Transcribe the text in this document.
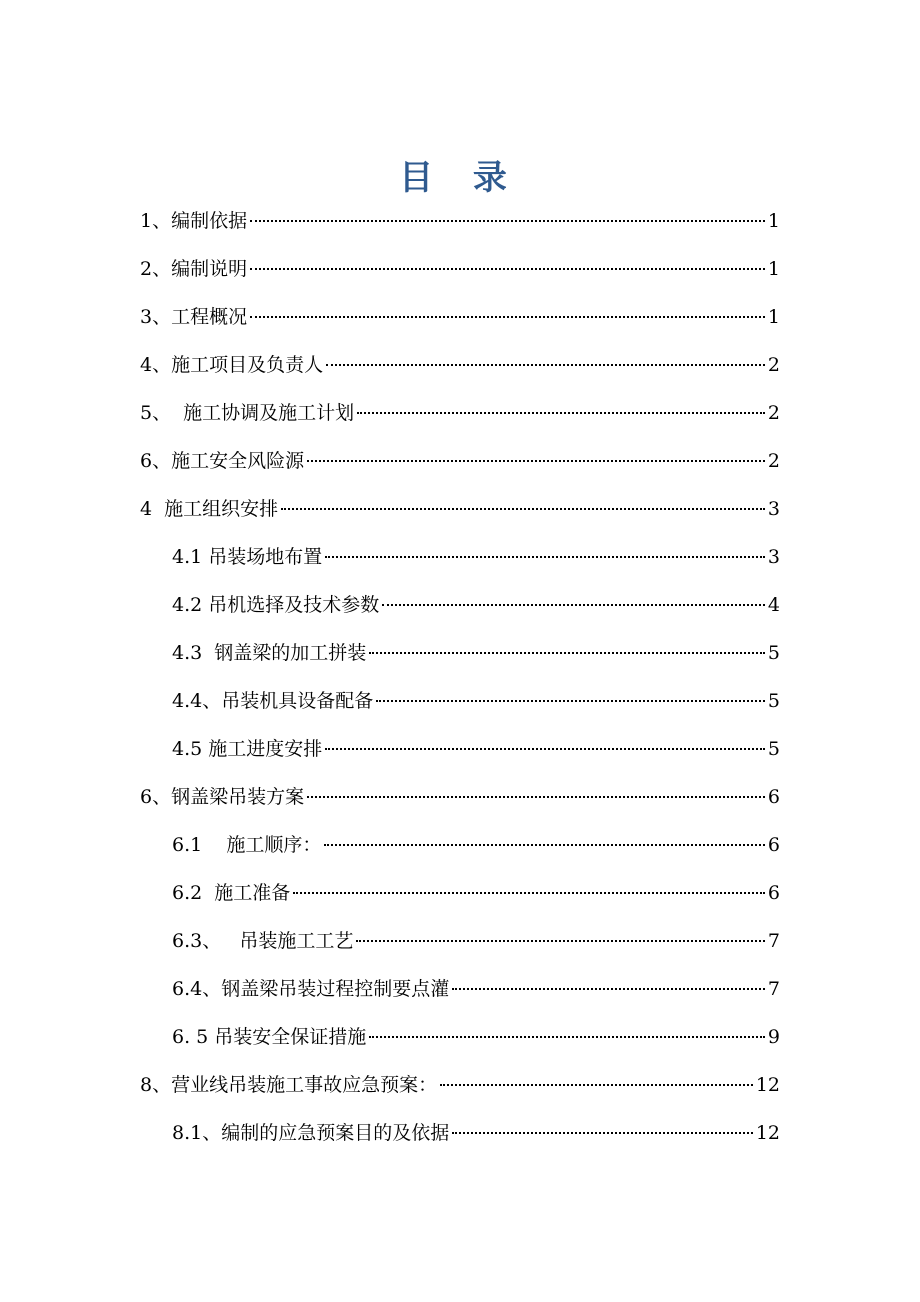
目 录
1、编制依据	1
2、编制说明	1
3、工程概况	1
4、施工项目及负责人	2
5、  施工协调及施工计划	2
6、施工安全风险源	2
4  施工组织安排	3
4.1 吊装场地布置	3
4.2 吊机选择及技术参数	4
4.3  钢盖梁的加工拼装	5
4.4、吊装机具设备配备	5
4.5 施工进度安排	5
6、钢盖梁吊装方案	6
6.1    施工顺序：	6
6.2  施工准备	6
6.3、   吊装施工工艺	7
6.4、钢盖梁吊装过程控制要点灌	7
6. 5 吊装安全保证措施	9
8、营业线吊装施工事故应急预案：	12
8.1、编制的应急预案目的及依据	12
